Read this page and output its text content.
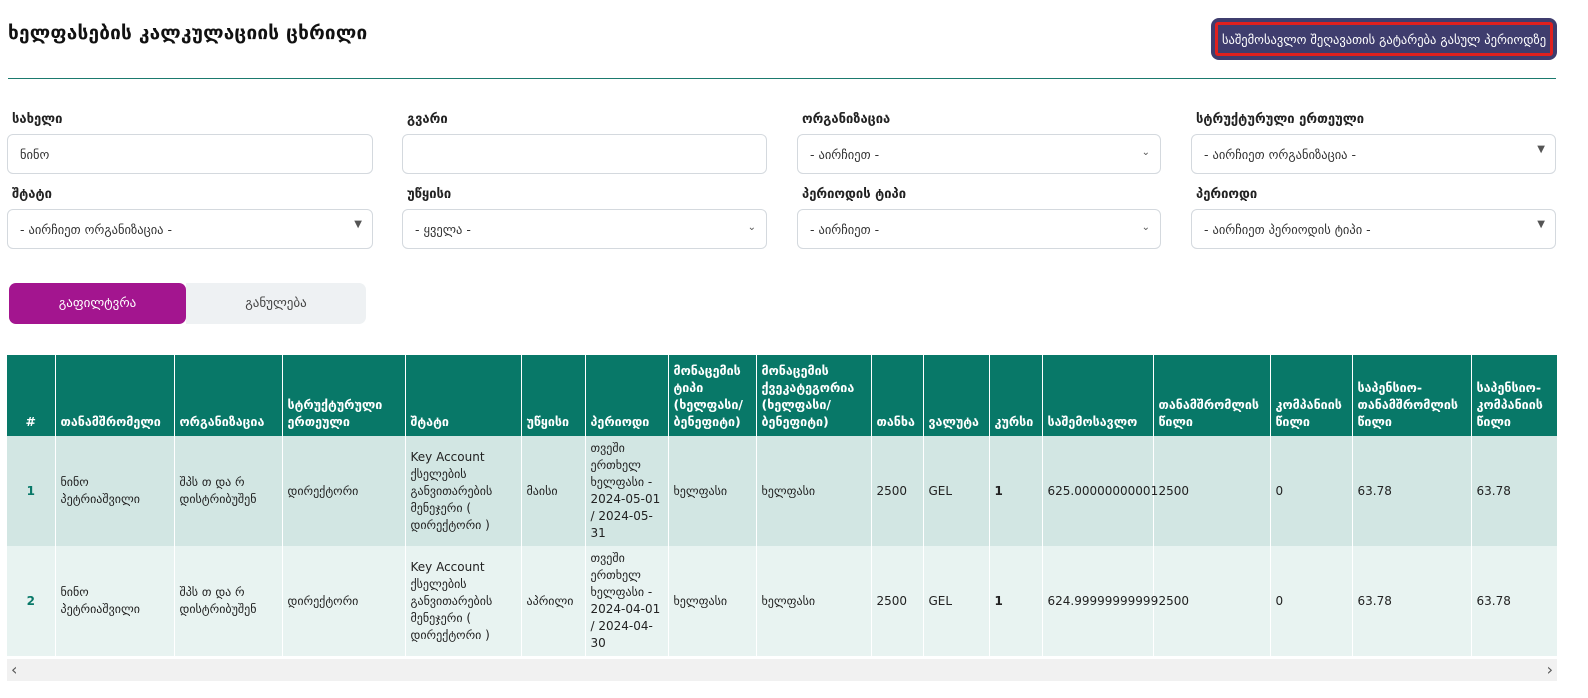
ხელფასების კალკულაციის ცხრილი	საშემოსავლო შეღავათის გატარება გასულ პერიოდზე
სახელი
ნინო
გვარი	ორგანიზაცია
- აირჩიეთ -	⌄
სტრუქტურული ერთეული
- აირჩიეთ ორგანიზაცია -	▼
შტატი
- აირჩიეთ ორგანიზაცია -	▼
უწყისი
- ყველა -	⌄
პერიოდის ტიპი
- აირჩიეთ -	⌄
პერიოდი
- აირჩიეთ პერიოდის ტიპი -	▼
გაფილტვრა	განულება
#	თანამშრომელი	ორგანიზაცია	სტრუქტურული ერთეული	შტატი	უწყისი	პერიოდი	მონაცემის ტიპი (ხელფასი/ ბენეფიტი)	მონაცემის ქვეკატეგორია (ხელფასი/ ბენეფიტი)	თანხა	ვალუტა	კურსი	საშემოსავლო	თანამშრომლის წილი	კომპანიის წილი	საპენსიო- თანამშრომლის წილი	საპენსიო- კომპანიის წილი
1	ნინო პეტრიაშვილი	შპს თ და რ დისტრიბუშენ	დირექტორი	Key Account ქსელების განვითარების მენეჯერი ( დირექტორი )	მაისი	თვეში ერთხელ ხელფასი - 2024-05-01 / 2024-05-31	ხელფასი	ხელფასი	2500	GEL	1	625.00000000001	2500	0	63.78	63.78
2	ნინო პეტრიაშვილი	შპს თ და რ დისტრიბუშენ	დირექტორი	Key Account ქსელების განვითარების მენეჯერი ( დირექტორი )	აპრილი	თვეში ერთხელ ხელფასი - 2024-04-01 / 2024-04-30	ხელფასი	ხელფასი	2500	GEL	1	624.99999999999	2500	0	63.78	63.78
‹	›
